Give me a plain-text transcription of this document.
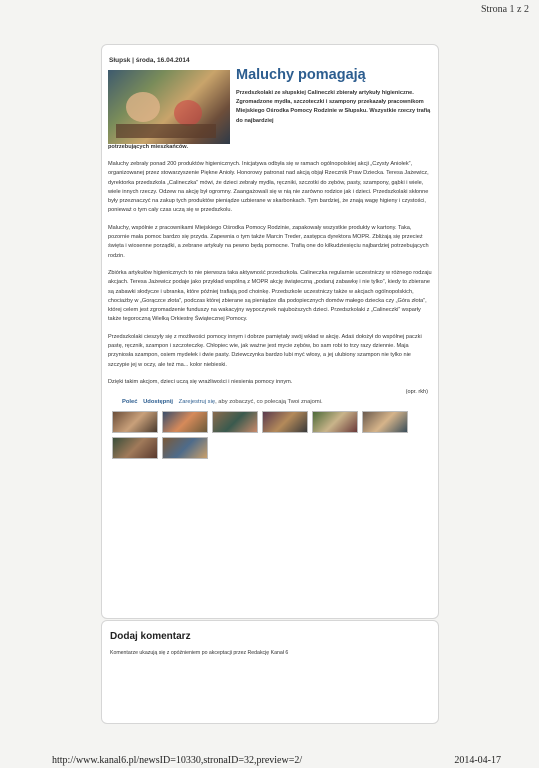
Strona 1 z 2
Słupsk | środa, 16.04.2014
Maluchy pomagają

Przedszkolaki ze słupskiej Calineczki zbierały artykuły higieniczne. Zgromadzone mydła, szczoteczki i szampony przekazały pracownikom Miejskiego Ośrodka Pomocy Rodzinie w Słupsku. Wszystkie rzeczy trafią do najbardziej

potrzebujących mieszkańców.

Maluchy zebrały ponad 200 produktów higienicznych. Inicjatywa odbyła się w ramach ogólnopolskiej akcji „Czysty Aniołek”, organizowanej przez stowarzyszenie Piękne Anioły. Honorowy patronat nad akcją objął Rzecznik Praw Dziecka. Teresa Jażewicz, dyrektorka przedszkola „Calineczka” mówi, że dzieci zebrały mydła, ręczniki, szczotki do zębów, pasty, szampony, gąbki i wiele, wiele innych rzeczy. Odzew na akcję był ogromny. Zaangażowali się w nią nie zarówno rodzice jak i dzieci. Przedszkolaki skłonne były przeznaczyć na zakup tych produktów pieniądze uzbierane w skarbonkach. Tym bardziej, że znają wagę higieny i czystości, ponieważ o tym cały czas uczą się w przedszkolu.

Maluchy, wspólnie z pracownikami Miejskiego Ośrodka Pomocy Rodzinie, zapakowały wszystkie produkty w kartony. Taka, pozornie mała pomoc bardzo się przyda. Zapewnia o tym także Marcin Treder, zastępca dyrektora MOPR. Zbliżają się przecież święta i wiosenne porządki, a zebrane artykuły na pewno będą pomocne. Trafią one do kilkudziesięciu najbardziej potrzebujących rodzin.

Zbiórka artykułów higienicznych to nie pierwsza taka aktywność przedszkola. Calineczka regularnie uczestniczy w różnego rodzaju akcjach. Teresa Jażewicz podaje jako przykład wspólną z MOPR akcję świąteczną „podaruj zabawkę i nie tylko”, kiedy to zbierane są zabawki słodycze i ubranka, które później trafiają pod choinkę. Przedszkole uczestniczy także w akcjach ogólnopolskich, chociażby w „Gorączce złota”, podczas której zbierane są pieniądze dla podopiecznych domów małego dziecka czy „Góra złota”, której celem jest zgromadzenie funduszy na wakacyjny wypoczynek najuboższych dzieci. Przedszkolaki z „Calineczki” wsparły także tegoroczną Wielką Orkiestrę Świątecznej Pomocy.

Przedszkolaki cieszyły się z możliwości pomocy innym i dobrze pamiętały swój wkład w akcję. Adaś dołożył do wspólnej paczki pastę, ręcznik, szampon i szczoteczkę. Chłopiec wie, jak ważne jest mycie zębów, bo sam robi to trzy razy dziennie. Maja przyniosła szampon, osiem mydełek i dwie pasty. Dziewczynka bardzo lubi myć włosy, a jej ulubiony szampon nie tylko nie szczypie jej w oczy, ale też ma... kolor niebieski.

Dzięki takim akcjom, dzieci uczą się wrażliwości i niesienia pomocy innym.

(opr. rkh)
Poleć Udostępnij Zarejestruj się, aby zobaczyć, co polecają Twoi znajomi.
Dodaj komentarz

Komentarze ukazują się z opóźnieniem po akceptacji przez Redakcję Kanał 6

http://www.kanal6.pl/newsID=10330,stronaID=32,preview=2/	2014-04-17
